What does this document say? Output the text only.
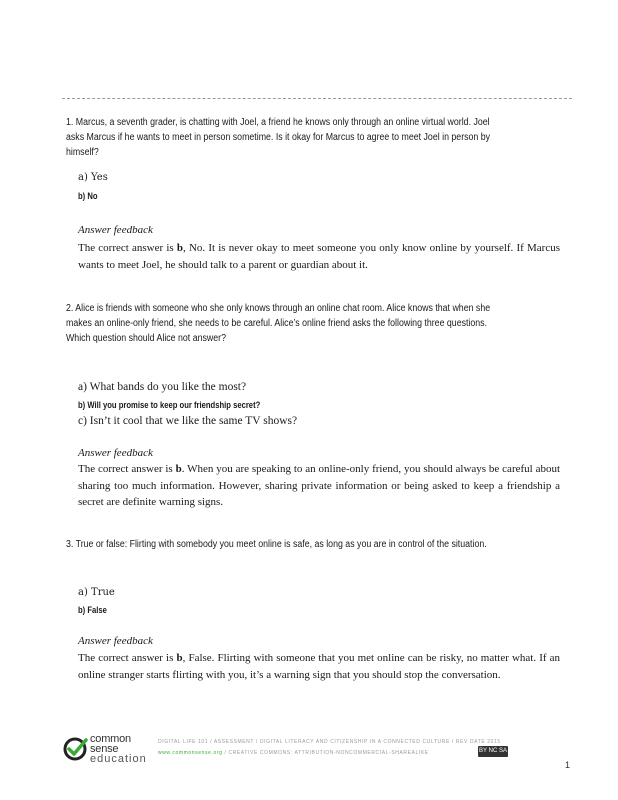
1. Marcus, a seventh grader, is chatting with Joel, a friend he knows only through an online virtual world. Joel asks Marcus if he wants to meet in person sometime. Is it okay for Marcus to agree to meet Joel in person by himself?
a) Yes
b) No
Answer feedback
The correct answer is b, No. It is never okay to meet someone you only know online by yourself. If Marcus wants to meet Joel, he should talk to a parent or guardian about it.
2. Alice is friends with someone who she only knows through an online chat room. Alice knows that when she makes an online-only friend, she needs to be careful. Alice’s online friend asks the following three questions. Which question should Alice not answer?
a) What bands do you like the most?
b) Will you promise to keep our friendship secret?
c) Isn’t it cool that we like the same TV shows?
Answer feedback
The correct answer is b. When you are speaking to an online-only friend, you should always be careful about sharing too much information. However, sharing private information or being asked to keep a friendship a secret are definite warning signs.
3. True or false: Flirting with somebody you meet online is safe, as long as you are in control of the situation.
a) True
b) False
Answer feedback
The correct answer is b, False. Flirting with someone that you met online can be risky, no matter what. If an online stranger starts flirting with you, it’s a warning sign that you should stop the conversation.
common
sense
education
DIGITAL LIFE 101 / ASSESSMENT / DIGITAL LITERACY AND CITIZENSHIP IN A CONNECTED CULTURE / REV DATE 2015
www.commonsense.org / CREATIVE COMMONS: ATTRIBUTION-NONCOMMERCIAL-SHAREALIKE	BY NC SA
1
